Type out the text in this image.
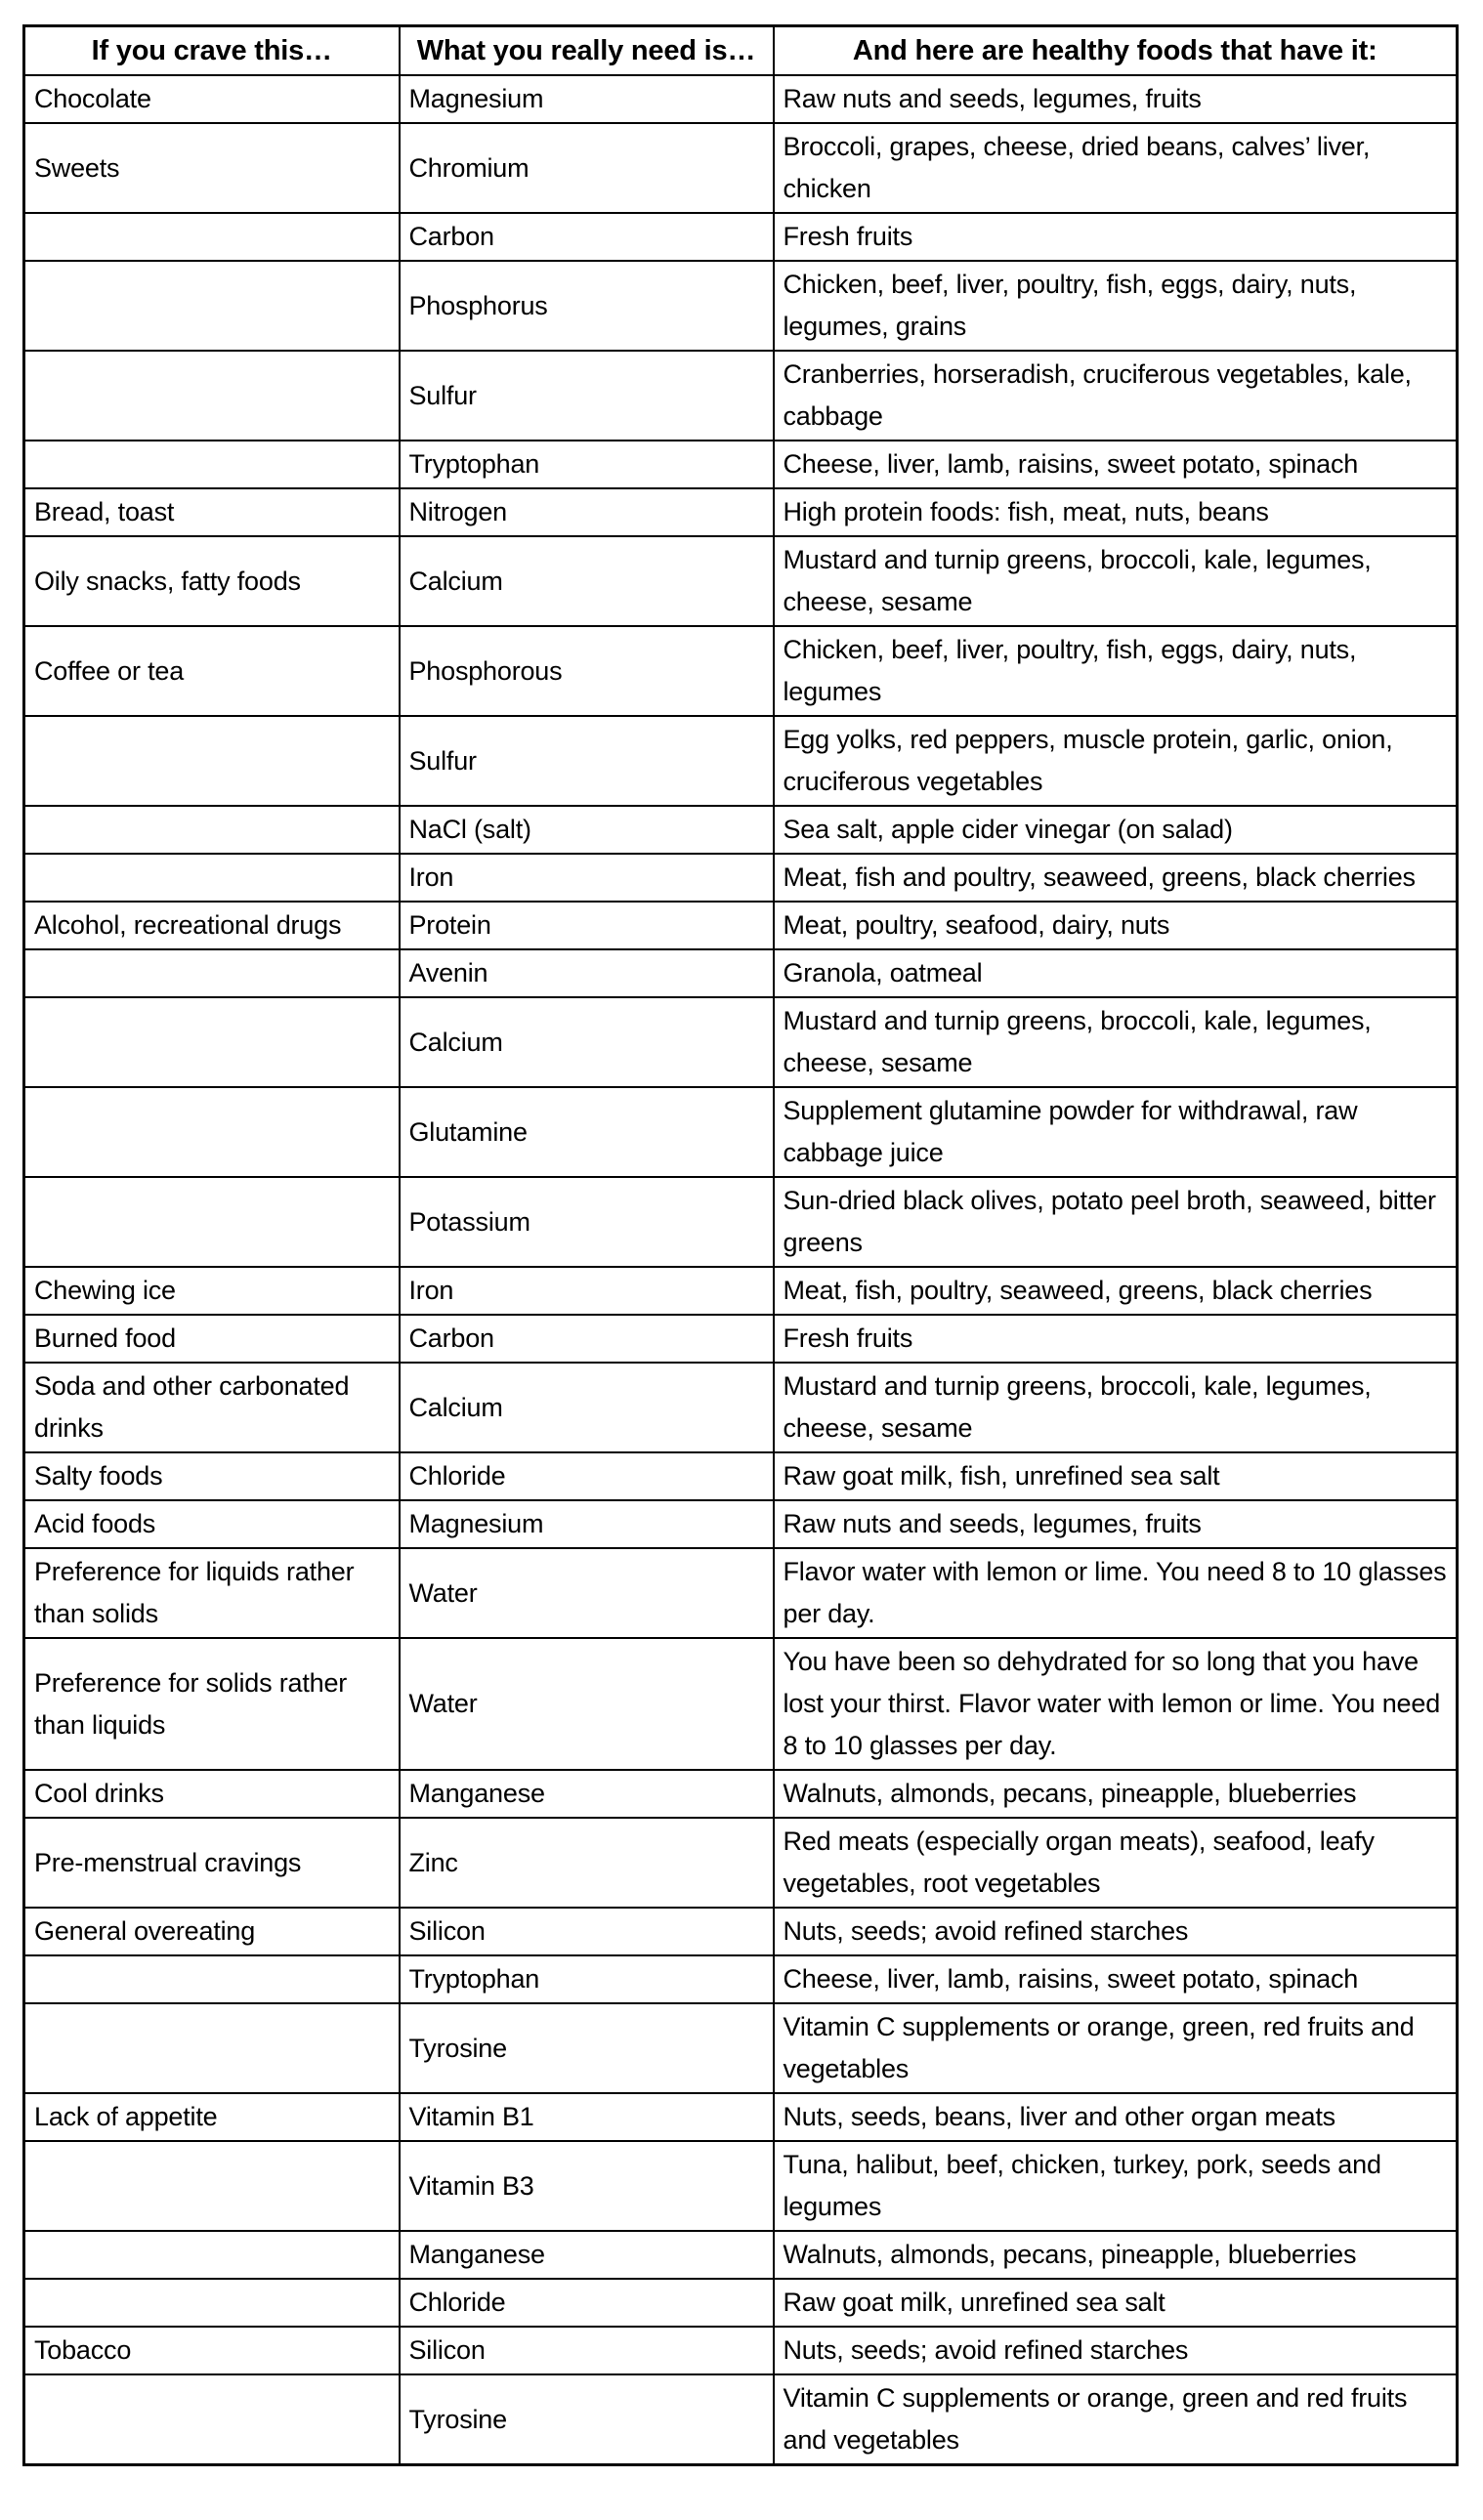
If you crave this…	What you really need is…	And here are healthy foods that have it:
Chocolate	Magnesium	Raw nuts and seeds, legumes, fruits
Sweets	Chromium	Broccoli, grapes, cheese, dried beans, calves’ liver, chicken
	Carbon	Fresh fruits
	Phosphorus	Chicken, beef, liver, poultry, fish, eggs, dairy, nuts, legumes, grains
	Sulfur	Cranberries, horseradish, cruciferous vegetables, kale, cabbage
	Tryptophan	Cheese, liver, lamb, raisins, sweet potato, spinach
Bread, toast	Nitrogen	High protein foods: fish, meat, nuts, beans
Oily snacks, fatty foods	Calcium	Mustard and turnip greens, broccoli, kale, legumes, cheese, sesame
Coffee or tea	Phosphorous	Chicken, beef, liver, poultry, fish, eggs, dairy, nuts, legumes
	Sulfur	Egg yolks, red peppers, muscle protein, garlic, onion, cruciferous vegetables
	NaCl (salt)	Sea salt, apple cider vinegar (on salad)
	Iron	Meat, fish and poultry, seaweed, greens, black cherries
Alcohol, recreational drugs	Protein	Meat, poultry, seafood, dairy, nuts
	Avenin	Granola, oatmeal
	Calcium	Mustard and turnip greens, broccoli, kale, legumes, cheese, sesame
	Glutamine	Supplement glutamine powder for withdrawal, raw cabbage juice
	Potassium	Sun-dried black olives, potato peel broth, seaweed, bitter greens
Chewing ice	Iron	Meat, fish, poultry, seaweed, greens, black cherries
Burned food	Carbon	Fresh fruits
Soda and other carbonated drinks	Calcium	Mustard and turnip greens, broccoli, kale, legumes, cheese, sesame
Salty foods	Chloride	Raw goat milk, fish, unrefined sea salt
Acid foods	Magnesium	Raw nuts and seeds, legumes, fruits
Preference for liquids rather than solids	Water	Flavor water with lemon or lime. You need 8 to 10 glasses per day.
Preference for solids rather than liquids	Water	You have been so dehydrated for so long that you have lost your thirst. Flavor water with lemon or lime. You need 8 to 10 glasses per day.
Cool drinks	Manganese	Walnuts, almonds, pecans, pineapple, blueberries
Pre-menstrual cravings	Zinc	Red meats (especially organ meats), seafood, leafy vegetables, root vegetables
General overeating	Silicon	Nuts, seeds; avoid refined starches
	Tryptophan	Cheese, liver, lamb, raisins, sweet potato, spinach
	Tyrosine	Vitamin C supplements or orange, green, red fruits and vegetables
Lack of appetite	Vitamin B1	Nuts, seeds, beans, liver and other organ meats
	Vitamin B3	Tuna, halibut, beef, chicken, turkey, pork, seeds and legumes
	Manganese	Walnuts, almonds, pecans, pineapple, blueberries
	Chloride	Raw goat milk, unrefined sea salt
Tobacco	Silicon	Nuts, seeds; avoid refined starches
	Tyrosine	Vitamin C supplements or orange, green and red fruits and vegetables
